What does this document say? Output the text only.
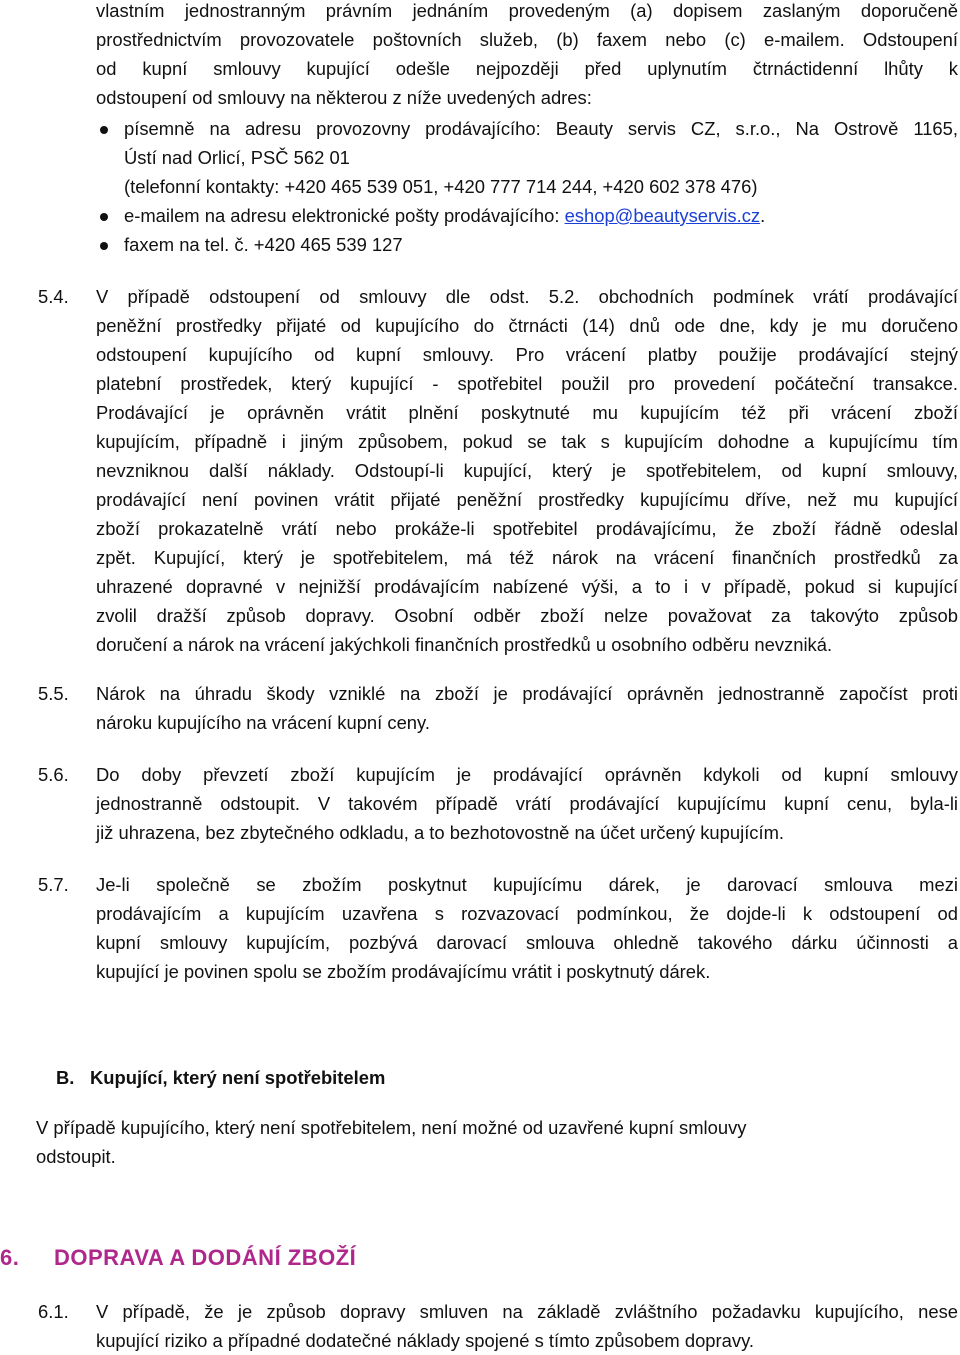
vlastním jednostranným právním jednáním provedeným (a) dopisem zaslaným doporučeně
prostřednictvím provozovatele poštovních služeb, (b) faxem nebo (c) e-mailem. Odstoupení
od kupní smlouvy kupující odešle nejpozději před uplynutím čtrnáctidenní lhůty k
odstoupení od smlouvy na některou z níže uvedených adres:
písemně na adresu provozovny prodávajícího: Beauty servis CZ, s.r.o., Na Ostrově 1165,
Ústí nad Orlicí, PSČ 562 01
(telefonní kontakty: +420 465 539 051, +420 777 714 244, +420 602 378 476)
e-mailem na adresu elektronické pošty prodávajícího: eshop@beautyservis.cz.
faxem na tel. č. +420 465 539 127
5.4. V případě odstoupení od smlouvy dle odst. 5.2. obchodních podmínek vrátí prodávající
peněžní prostředky přijaté od kupujícího do čtrnácti (14) dnů ode dne, kdy je mu doručeno
odstoupení kupujícího od kupní smlouvy. Pro vrácení platby použije prodávající stejný
platební prostředek, který kupující - spotřebitel použil pro provedení počáteční transakce.
Prodávající je oprávněn vrátit plnění poskytnuté mu kupujícím též při vrácení zboží
kupujícím, případně i jiným způsobem, pokud se tak s kupujícím dohodne a kupujícímu tím
nevzniknou další náklady. Odstoupí-li kupující, který je spotřebitelem, od kupní smlouvy,
prodávající není povinen vrátit přijaté peněžní prostředky kupujícímu dříve, než mu kupující
zboží prokazatelně vrátí nebo prokáže-li spotřebitel prodávajícímu, že zboží řádně odeslal
zpět. Kupující, který je spotřebitelem, má též nárok na vrácení finančních prostředků za
uhrazené dopravné v nejnižší prodávajícím nabízené výši, a to i v případě, pokud si kupující
zvolil dražší způsob dopravy. Osobní odběr zboží nelze považovat za takovýto způsob
doručení a nárok na vrácení jakýchkoli finančních prostředků u osobního odběru nevzniká.
5.5. Nárok na úhradu škody vzniklé na zboží je prodávající oprávněn jednostranně započíst proti
nároku kupujícího na vrácení kupní ceny.
5.6. Do doby převzetí zboží kupujícím je prodávající oprávněn kdykoli od kupní smlouvy
jednostranně odstoupit. V takovém případě vrátí prodávající kupujícímu kupní cenu, byla-li
již uhrazena, bez zbytečného odkladu, a to bezhotovostně na účet určený kupujícím.
5.7. Je-li společně se zbožím poskytnut kupujícímu dárek, je darovací smlouva mezi
prodávajícím a kupujícím uzavřena s rozvazovací podmínkou, že dojde-li k odstoupení od
kupní smlouvy kupujícím, pozbývá darovací smlouva ohledně takového dárku účinnosti a
kupující je povinen spolu se zbožím prodávajícímu vrátit i poskytnutý dárek.
B. Kupující, který není spotřebitelem
V případě kupujícího, který není spotřebitelem, není možné od uzavřené kupní smlouvy
odstoupit.
6. DOPRAVA A DODÁNÍ ZBOŽÍ
6.1. V případě, že je způsob dopravy smluven na základě zvláštního požadavku kupujícího, nese
kupující riziko a případné dodatečné náklady spojené s tímto způsobem dopravy.
